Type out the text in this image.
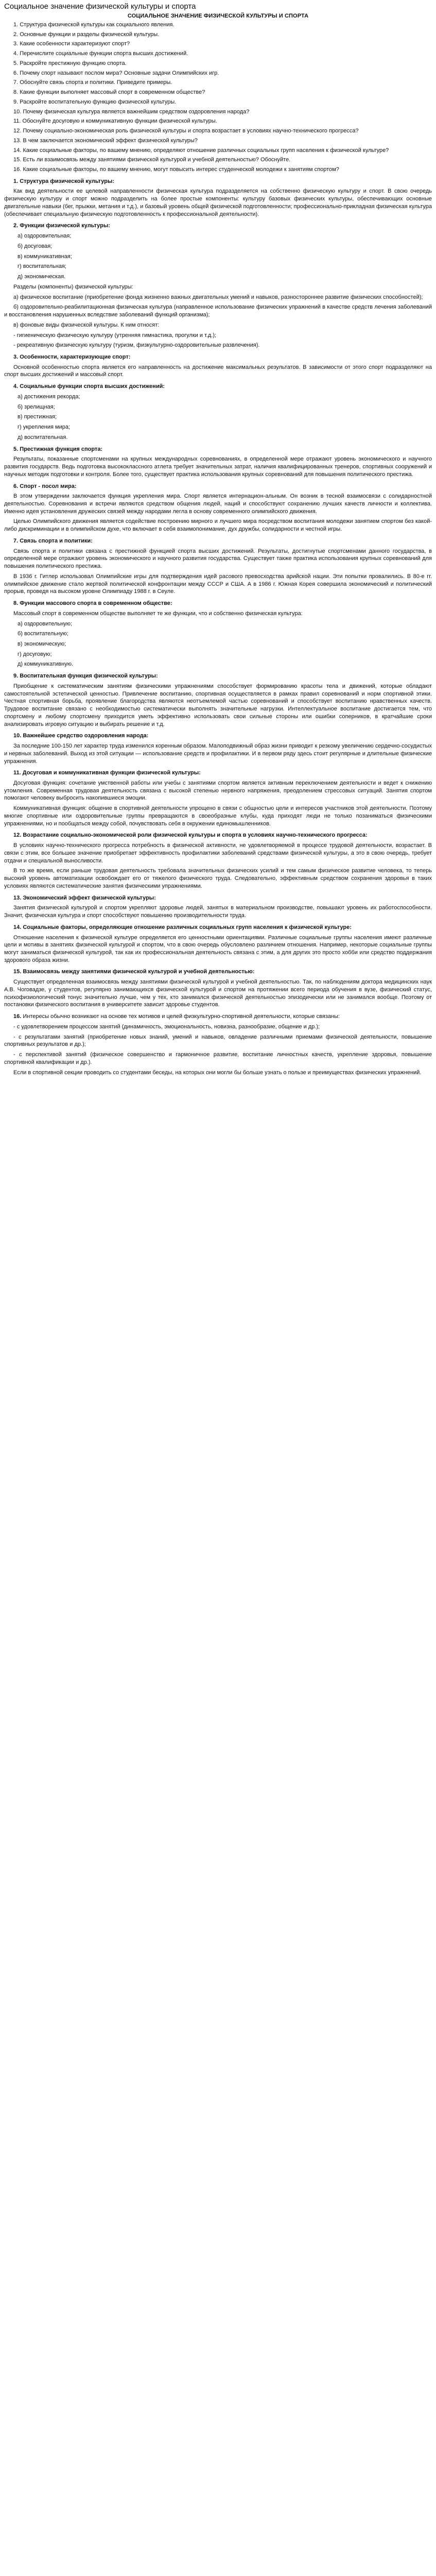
Социальное значение физической культуры и спорта
СОЦИАЛЬНОЕ ЗНАЧЕНИЕ ФИЗИЧЕСКОЙ КУЛЬТУРЫ И СПОРТА

1. Структура физической культуры как социального явления.

2. Основные функции и разделы физической культуры.

3. Какие особенности характеризуют спорт?

4. Перечислите социальные функции спорта высших достижений.

5. Раскройте престижную функцию спорта.

6. Почему спорт называют послом мира? Основные задачи Олимпийских игр.

7. Обоснуйте связь спорта и политики. Приведите примеры.

8. Какие функции выполняет массовый спорт в современном обществе?

9. Раскройте воспитательную функцию физической культуры.

10. Почему физическая культура является важнейшим средством оздоровления народа?

11. Обоснуйте досуговую и коммуникативную функции физической культуры.

12. Почему социально-экономическая роль физической культуры и спорта возрастает в условиях научно-технического прогресса?

13. В чем заключается экономический эффект физической культуры?

14. Какие социальные факторы, по вашему мнению, определяют отношение различных социальных групп населения к физической культуре?

15. Есть ли взаимосвязь между занятиями физической культурой и учебной деятельностью? Обоснуйте.

16. Какие социальные факторы, по вашему мнению, могут повысить интерес студенческой молодежи к занятиям спортом?

1. Структура физической культуры:

Как вид деятельности ее целевой направленности физическая культура подразделяется на собственно физическую культуру и спорт. В свою очередь физическую культуру и спорт можно подразделить на более простые компоненты: культуру базовых физических культуры, обеспечивающих основные двигательные навыки (бег, прыжки, метания и т.д.), и базовый уровень общей физической подготовленности; профессионально-прикладная физическая культура (обеспечивает специальную физическую подготовленность к профессиональной деятельности).

2. Функции физической культуры:

а) оздоровительная;

б) досуговая;

в) коммуникативная;

г) воспитательная;

д) экономическая.

Разделы (компоненты) физической культуры:

а) физическое воспитание (приобретение фонда жизненно важных двигательных умений и навыков, разностороннее развитие физических способностей);

б) оздоровительно-реабилитационная физическая культура (направленное использование физических упражнений в качестве средств лечения заболеваний и восстановления нарушенных вследствие заболеваний функций организма);

в) фоновые виды физической культуры. К ним относят:

- гигиеническую физическую культуру (утренняя гимнастика, прогулки и т.д.);

- рекреативную физическую культуру (туризм, физкультурно-оздоровительные развлечения).

3. Особенности, характеризующие спорт:

Основной особенностью спорта является его направленность на достижение максимальных результатов. В зависимости от этого спорт подразделяют на спорт высших достижений и массовый спорт.

4. Социальные функции спорта высших достижений:

а) достижения рекорда;

б) зрелищная;

в) престижная;

г) укрепления мира;

д) воспитательная.

5. Престижная функция спорта:

Результаты, показанные спортсменами на крупных международных соревнованиях, в определенной мере отражают уровень экономического и научного развития государств. Ведь подготовка высококлассного атлета требует значительных затрат, наличия квалифицированных тренеров, спортивных сооружений и научных методик подготовки и контроля. Более того, существует практика использования крупных соревнований для повышения политического престижа.

6. Спорт - посол мира:

В этом утверждении заключается функция укрепления мира. Спорт является интернацион-альным. Он возник в тесной взаимосвязи с солидарностной деятельностью. Соревнования и встречи являются средством общения людей, наций и способствуют сохранению лучших качеств личности и коллектива. Именно идея установления дружеских связей между народами легла в основу современного олимпийского движения.

Целью Олимпийского движения является содействие построению мирного и лучшего мира посредством воспитания молодежи занятием спортом без какой-либо дискриминации и в олимпийском духе, что включает в себя взаимопонимание, дух дружбы, солидарности и честной игры.

7. Связь спорта и политики:

Связь спорта и политики связана с престижной функцией спорта высших достижений. Результаты, достигнутые спортсменами данного государства, в определенной мере отражают уровень экономического и научного развития государства. Существует также практика использования крупных соревнований для повышения политического престижа.

В 1936 г. Гитлер использовал Олимпийские игры для подтверждения идей расового превосходства арийской нации. Эти попытки провалились. В 80-е гг. олимпийское движение стало жертвой политической конфронтации между СССР и США. А в 1986 г. Южная Корея совершила экономический и политический прорыв, проведя на высоком уровне Олимпиаду 1988 г. в Сеуле.

8. Функции массового спорта в современном обществе:

Массовый спорт в современном обществе выполняет те же функции, что и собственно физическая культура:

а) оздоровительную;

б) воспитательную;

в) экономическую;

г) досуговую;

д) коммуникативную.

9. Воспитательная функция физической культуры:

Приобщение к систематическим занятиям физическими упражнениями способствует формированию красоты тела и движений, которые обладают самостоятельной эстетической ценностью. Привлечение воспитанию, спортивная осуществляется в рамках правил соревнований и норм спортивной этики. Честная спортивная борьба, проявление благородства являются неотъемлемой частью соревнований и способствует воспитанию нравственных качеств. Трудовое воспитание связано с необходимостью систематически выполнять значительные нагрузки. Интеллектуальное воспитание достигается тем, что спортсмену и любому спортсмену приходится уметь эффективно использовать свои сильные стороны или ошибки соперников, в кратчайшие сроки анализировать игровую ситуацию и выбирать решение и т.д.

10. Важнейшее средство оздоровления народа:

За последние 100-150 лет характер труда изменился коренным образом. Малоподвижный образ жизни приводит к резкому увеличению сердечно-сосудистых и нервных заболеваний. Выход из этой ситуации — использование средств и профилактики. И в первом ряду здесь стоит регулярные и длительные физические упражнения.

11. Досуговая и коммуникативная функции физической культуры:

Досуговая функция: сочетание умственной работы или учебы с занятиями спортом является активным переключением деятельности и ведет к снижению утомления. Современная трудовая деятельность связана с высокой степенью нервного напряжения, преодолением стрессовых ситуаций. Занятия спортом помогают человеку выбросить накопившиеся эмоции.

Коммуникативная функция: общение в спортивной деятельности упрощено в связи с общностью цели и интересов участников этой деятельности. Поэтому многие спортивные или оздоровительные группы превращаются в своеобразные клубы, куда приходят люди не только позаниматься физическими упражнениями, но и пообщаться между собой, почувствовать себя в окружении единомышленников.

12. Возрастание социально-экономической роли физической культуры и спорта в условиях научно-технического прогресса:

В условиях научно-технического прогресса потребность в физической активности, не удовлетворяемой в процессе трудовой деятельности, возрастает. В связи с этим, все большее значение приобретает эффективность профилактики заболеваний средствами физической культуры, а это в свою очередь, требует отдачи и специальной выносливости.

В то же время, если раньше трудовая деятельность требовала значительных физических усилий и тем самым физическое развитие человека, то теперь высокий уровень автоматизации освобождает его от тяжелого физического труда. Следовательно, эффективным средством сохранения здоровья в таких условиях являются систематические занятия физическими упражнениями.

13. Экономический эффект физической культуры:

Занятия физической культурой и спортом укрепляют здоровье людей, занятых в материальном производстве, повышают уровень их работоспособности. Значит, физическая культура и спорт способствуют повышению производительности труда.

14. Социальные факторы, определяющие отношение различных социальных групп населения к физической культуре:

Отношение населения к физической культуре определяется его ценностными ориентациями. Различные социальные группы населения имеют различные цели и мотивы в занятиях физической культурой и спортом, что в свою очередь обусловлено различием отношения. Например, некоторые социальные группы могут заниматься физической культурой, так как их профессиональная деятельность связана с этим, а для других это просто хобби или средство поддержания здорового образа жизни.

15. Взаимосвязь между занятиями физической культурой и учебной деятельностью:

Существует определенная взаимосвязь между занятиями физической культурой и учебной деятельностью. Так, по наблюдениям доктора медицинских наук А.В. Чоговадзе, у студентов, регулярно занимающихся физической культурой и спортом на протяжении всего периода обучения в вузе, физический статус, психофизиологический тонус значительно лучше, чем у тех, кто занимался физической деятельностью эпизодически или не занимался вообще. Поэтому от постановки физического воспитания в университете зависит здоровье студентов.

16. Интересы обычно возникают на основе тех мотивов и целей физкультурно-спортивной деятельности, которые связаны:

- с удовлетворением процессом занятий (динамичность, эмоциональность, новизна, разнообразие, общение и др.);

- с результатами занятий (приобретение новых знаний, умений и навыков, овладение различными приемами физической деятельности, повышение спортивных результатов и др.);

- с перспективой занятий (физическое совершенство и гармоничное развитие, воспитание личностных качеств, укрепление здоровья, повышение спортивной квалификации и др.).

Если в спортивной секции проводить со студентами беседы, на которых они могли бы больше узнать о пользе и преимуществах физических упражнений.
